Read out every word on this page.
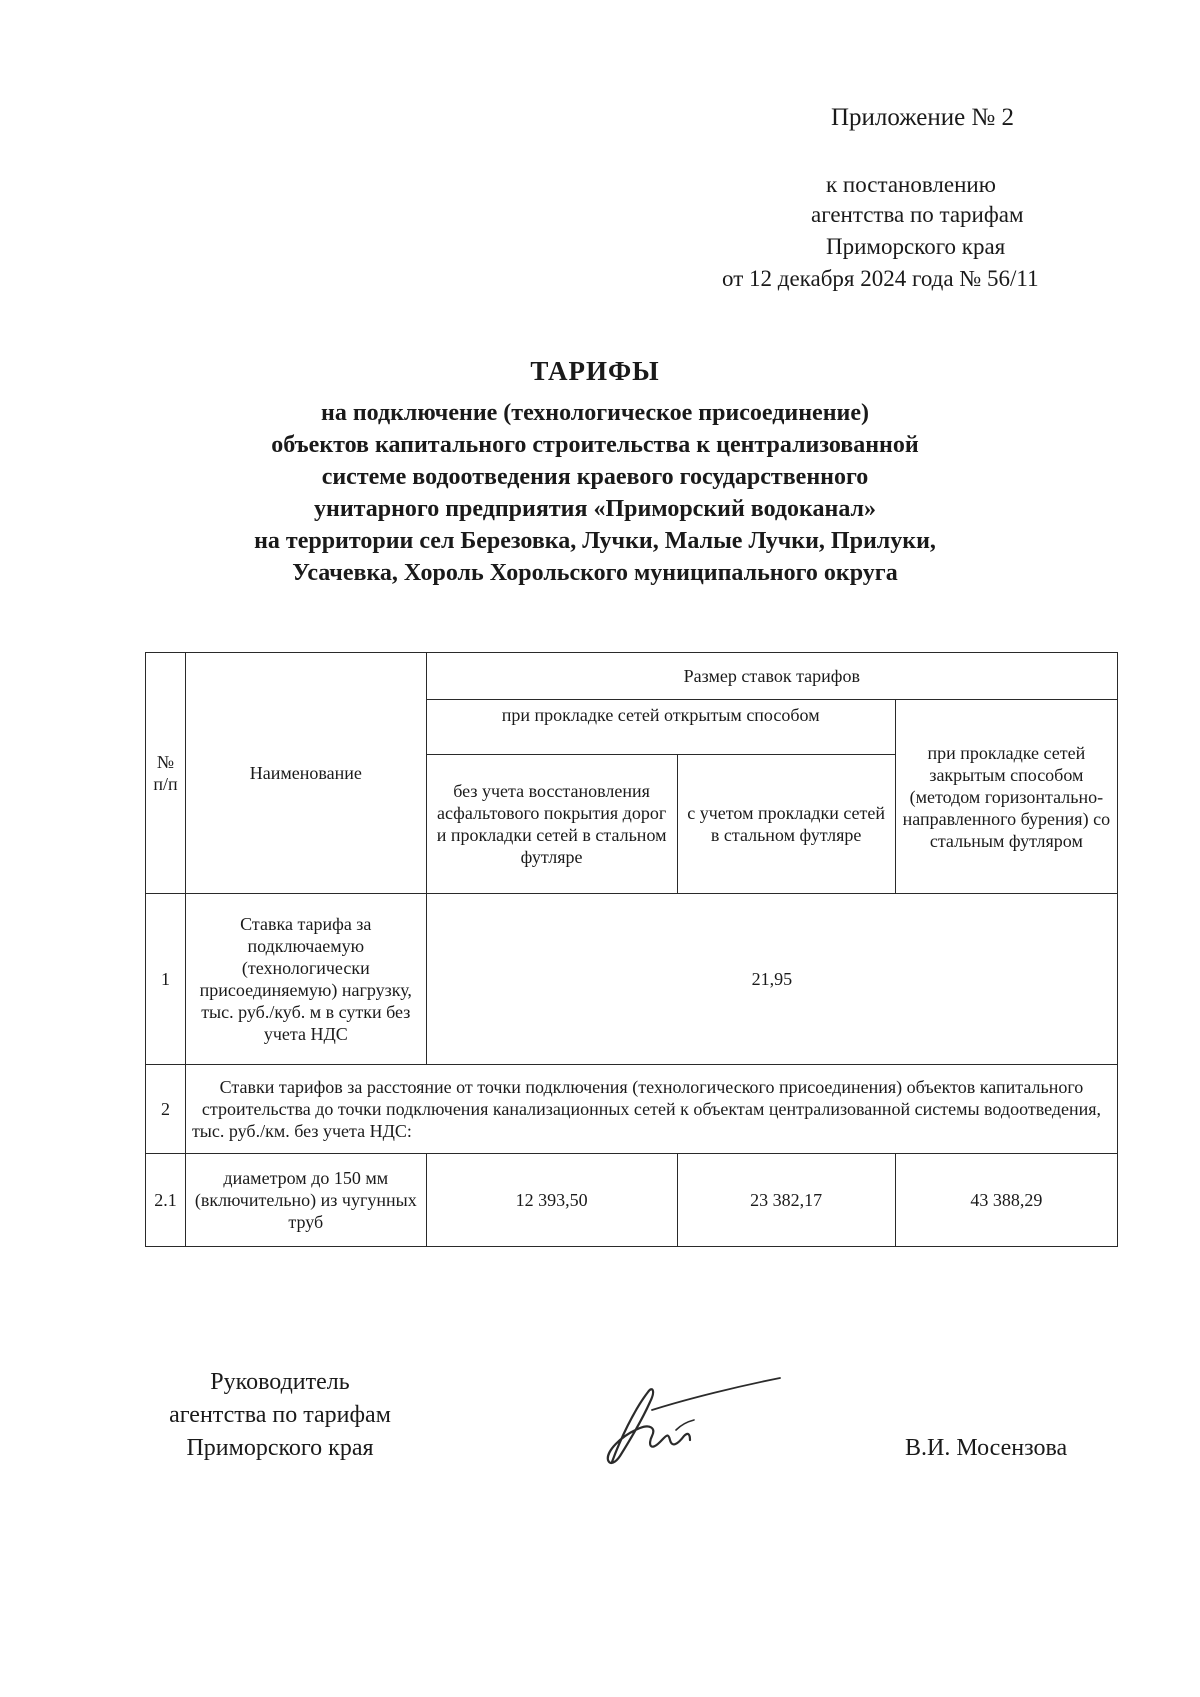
Приложение № 2
к постановлению
агентства по тарифам
Приморского края
от 12 декабря 2024 года № 56/11
ТАРИФЫ
на подключение (технологическое присоединение)
объектов капитального строительства к централизованной
системе водоотведения краевого государственного
унитарного предприятия «Приморский водоканал»
на территории сел Березовка, Лучки, Малые Лучки, Прилуки,
Усачевка, Хороль Хорольского муниципального округа
№ п/п	Наименование	Размер ставок тарифов		
		при прокладке сетей открытым способом		при прокладке сетей закрытым способом (методом горизонтально-направленного бурения) со стальным футляром
		без учета восстановления асфальтового покрытия дорог и прокладки сетей в стальном футляре	с учетом прокладки сетей в стальном футляре	
1	Ставка тарифа за подключаемую (технологически присоединяемую) нагрузку, тыс. руб./куб. м в сутки без учета НДС	21,95		
2	Ставки тарифов за расстояние от точки подключения (технологического присоединения) объектов капитального строительства до точки подключения канализационных сетей к объектам централизованной системы водоотведения, тыс. руб./км. без учета НДС:			
2.1	диаметром до 150 мм (включительно) из чугунных труб	12 393,50	23 382,17	43 388,29
Руководитель
агентства по тарифам
Приморского края	В.И. Мосензова
